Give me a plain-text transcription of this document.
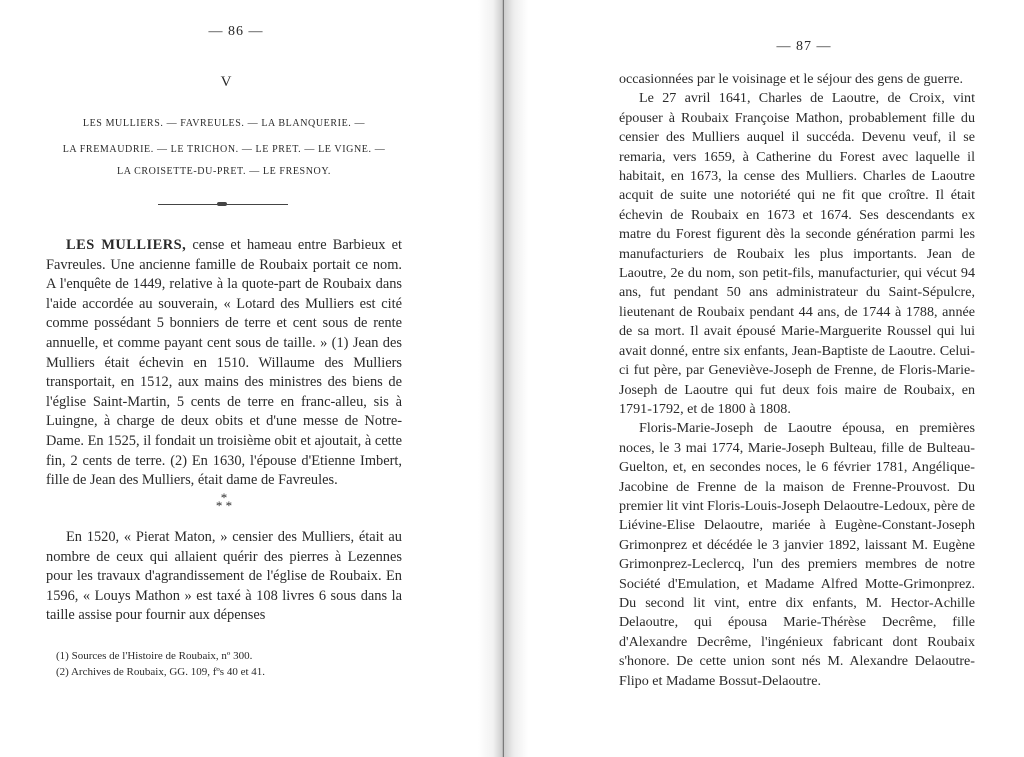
— 86 —
V
LES MULLIERS. — FAVREULES. — LA BLANQUERIE. —
LA FREMAUDRIE. — LE TRICHON. — LE PRET. — LE VIGNE. —
LA CROISETTE-DU-PRET. — LE FRESNOY.

LES MULLIERS, cense et hameau entre Barbieux et Favreules. Une ancienne famille de Roubaix portait ce nom. A l'enquête de 1449, relative à la quote-part de Roubaix dans l'aide accordée au souverain, « Lotard des Mulliers est cité comme possédant 5 bonniers de terre et cent sous de rente annuelle, et comme payant cent sous de taille. » (1) Jean des Mulliers était échevin en 1510. Willaume des Mulliers transportait, en 1512, aux mains des ministres des biens de l'église Saint-Martin, 5 cents de terre en franc-alleu, sis à Luingne, à charge de deux obits et d'une messe de Notre-Dame. En 1525, il fondait un troisième obit et ajoutait, à cette fin, 2 cents de terre. (2) En 1630, l'épouse d'Etienne Imbert, fille de Jean des Mulliers, était dame de Favreules.

*
* *

En 1520, « Pierat Maton, » censier des Mulliers, était au nombre de ceux qui allaient quérir des pierres à Lezennes pour les travaux d'agrandissement de l'église de Roubaix. En 1596, « Louys Mathon » est taxé à 108 livres 6 sous dans la taille assise pour fournir aux dépenses

(1) Sources de l'Histoire de Roubaix, nº 300.
(2) Archives de Roubaix, GG. 109, fºs 40 et 41.
— 87 —

occasionnées par le voisinage et le séjour des gens de guerre.

Le 27 avril 1641, Charles de Laoutre, de Croix, vint épouser à Roubaix Françoise Mathon, probablement fille du censier des Mulliers auquel il succéda. Devenu veuf, il se remaria, vers 1659, à Catherine du Forest avec laquelle il habitait, en 1673, la cense des Mulliers. Charles de Laoutre acquit de suite une notoriété qui ne fit que croître. Il était échevin de Roubaix en 1673 et 1674. Ses descendants ex matre du Forest figurent dès la seconde génération parmi les manufacturiers de Roubaix les plus importants. Jean de Laoutre, 2e du nom, son petit-fils, manufacturier, qui vécut 94 ans, fut pendant 50 ans administrateur du Saint-Sépulcre, lieutenant de Roubaix pendant 44 ans, de 1744 à 1788, année de sa mort. Il avait épousé Marie-Marguerite Roussel qui lui avait donné, entre six enfants, Jean-Baptiste de Laoutre. Celui-ci fut père, par Geneviève-Joseph de Frenne, de Floris-Marie-Joseph de Laoutre qui fut deux fois maire de Roubaix, en 1791-1792, et de 1800 à 1808.

Floris-Marie-Joseph de Laoutre épousa, en premières noces, le 3 mai 1774, Marie-Joseph Bulteau, fille de Bulteau-Guelton, et, en secondes noces, le 6 février 1781, Angélique-Jacobine de Frenne de la maison de Frenne-Prouvost. Du premier lit vint Floris-Louis-Joseph Delaoutre-Ledoux, père de Liévine-Elise Delaoutre, mariée à Eugène-Constant-Joseph Grimonprez et décédée le 3 janvier 1892, laissant M. Eugène Grimonprez-Leclercq, l'un des premiers membres de notre Société d'Emulation, et Madame Alfred Motte-Grimonprez. Du second lit vint, entre dix enfants, M. Hector-Achille Delaoutre, qui épousa Marie-Thérèse Decrême, fille d'Alexandre Decrême, l'ingénieux fabricant dont Roubaix s'honore. De cette union sont nés M. Alexandre Delaoutre-Flipo et Madame Bossut-Delaoutre.
